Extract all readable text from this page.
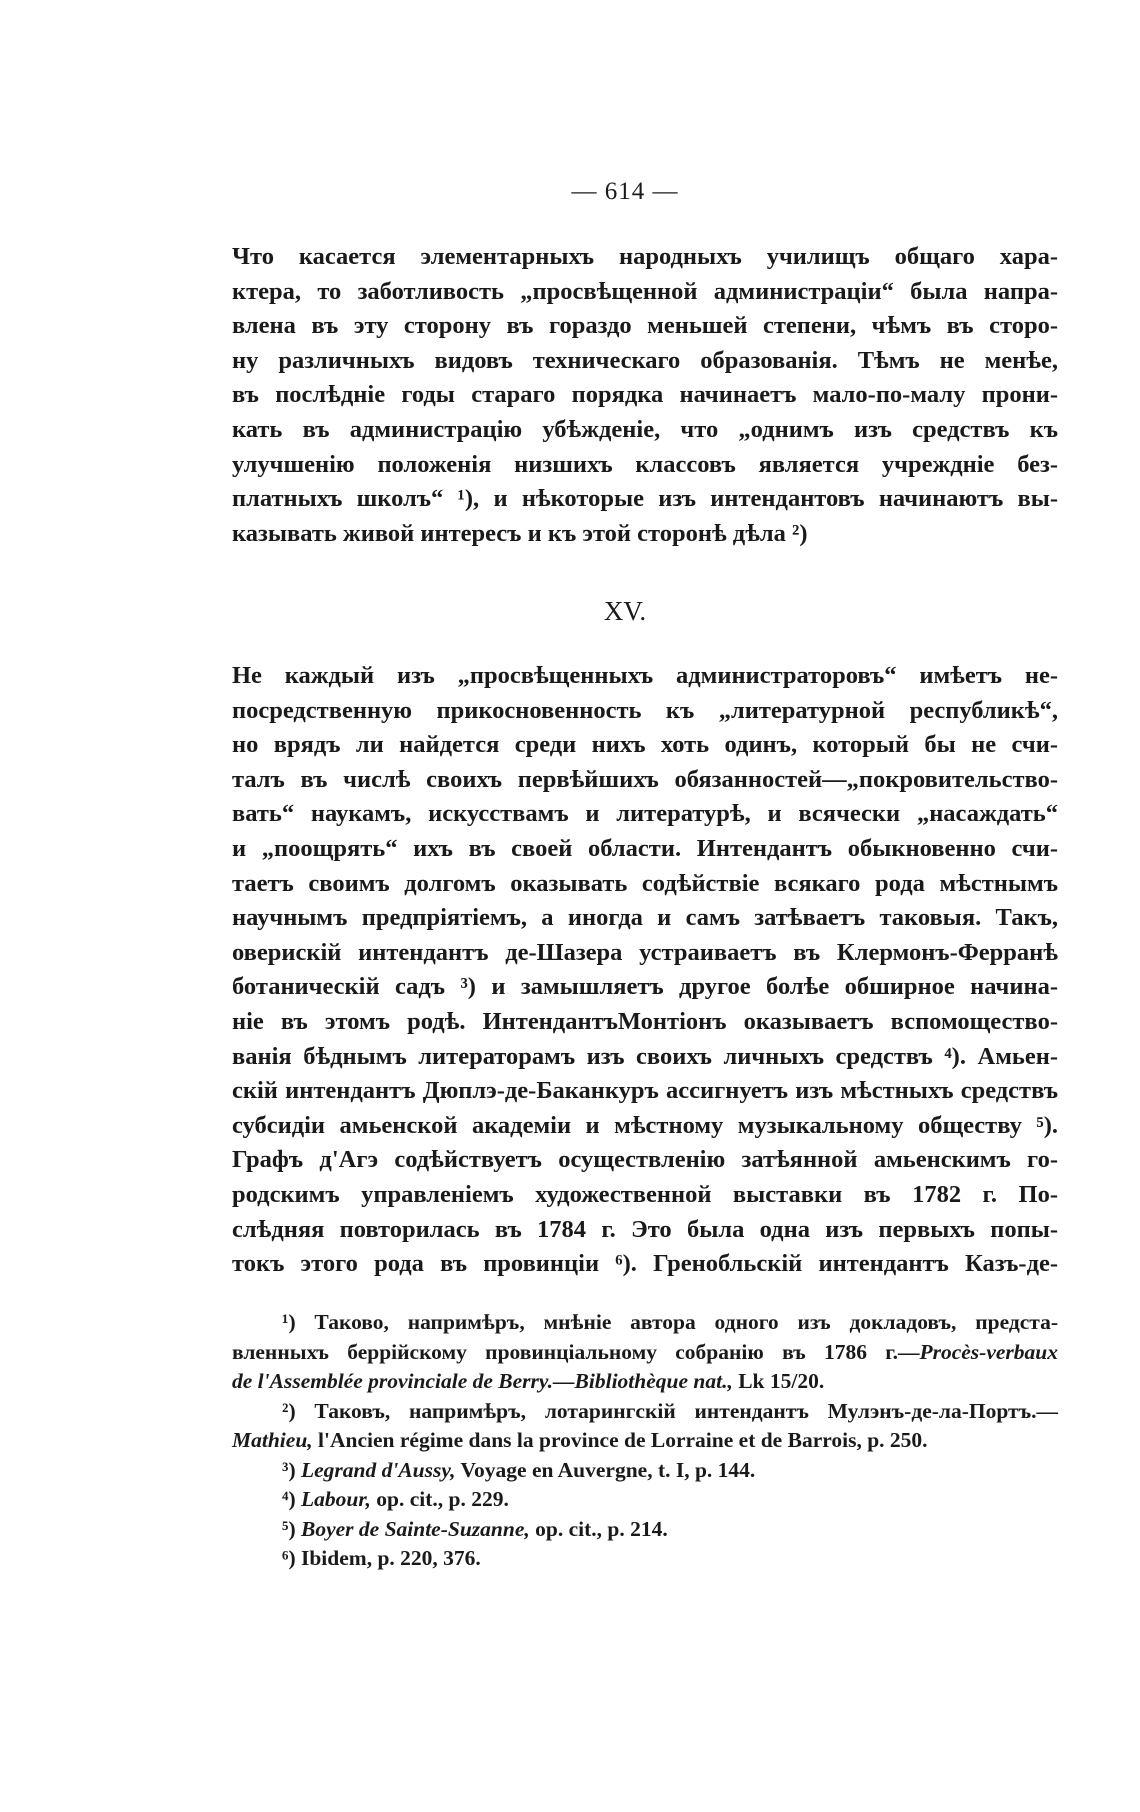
— 614 —
Что касается элементарныхъ народныхъ училищъ общаго хара-
ктера, то заботливость „просвѣщенной администраціи“ была напра-
влена въ эту сторону въ гораздо меньшей степени, чѣмъ въ сторо-
ну различныхъ видовъ техническаго образованія. Тѣмъ не менѣе,
въ послѣдніе годы стараго порядка начинаетъ мало-по-малу прони-
кать въ администрацію убѣжденіе, что „однимъ изъ средствъ къ
улучшенію положенія низшихъ классовъ является учреждніе без-
платныхъ школъ“ ¹), и нѣкоторые изъ интендантовъ начинаютъ вы-
казывать живой интересъ и къ этой сторонѣ дѣла ²)
XV.
Не каждый изъ „просвѣщенныхъ администраторовъ“ имѣетъ не-
посредственную прикосновенность къ „литературной республикѣ“,
но врядъ ли найдется среди нихъ хоть одинъ, который бы не счи-
талъ въ числѣ своихъ первѣйшихъ обязанностей—„покровительство-
вать“ наукамъ, искусствамъ и литературѣ, и всячески „насаждать“
и „поощрять“ ихъ въ своей области. Интендантъ обыкновенно счи-
таетъ своимъ долгомъ оказывать содѣйствіе всякаго рода мѣстнымъ
научнымъ предпріятіемъ, а иногда и самъ затѣваетъ таковыя. Такъ,
оверискій интендантъ де-Шазера устраиваетъ въ Клермонъ-Ферранѣ
ботаническій садъ ³) и замышляетъ другое болѣе обширное начина-
ніе въ этомъ родѣ. ИнтендантъМонтіонъ оказываетъ вспомоществo-
ванія бѣднымъ литераторамъ изъ своихъ личныхъ средствъ ⁴). Амьен-
скій интендантъ Дюплэ-де-Баканкуръ ассигнуетъ изъ мѣстныхъ средствъ
субсидіи амьенской академіи и мѣстному музыкальному обществу ⁵).
Графъ д'Агэ содѣйствуетъ осуществленію затѣянной амьенскимъ го-
родскимъ управленіемъ художественной выставки въ 1782 г. По-
слѣдняя повторилась въ 1784 г. Это была одна изъ первыхъ попы-
токъ этого рода въ провинціи ⁶). Гренобльскій интендантъ Казъ-де-
¹) Таково, напримѣръ, мнѣніе автора одного изъ докладовъ, предста-
вленныхъ беррійскому провинціальному собранію въ 1786 г.—Procès-verbaux
de l'Assemblée provinciale de Berry.—Bibliothèque nat., Lk 15/20.
²) Таковъ, напримѣръ, лотарингскій интендантъ Мулэнъ-де-ла-Портъ.—
Mathieu, l'Ancien régime dans la province de Lorraine et de Barrois, p. 250.
³) Legrand d'Aussy, Voyage en Auvergne, t. I, p. 144.
⁴) Labour, op. cit., p. 229.
⁵) Boyer de Sainte-Suzanne, op. cit., p. 214.
⁶) Ibidem, p. 220, 376.
